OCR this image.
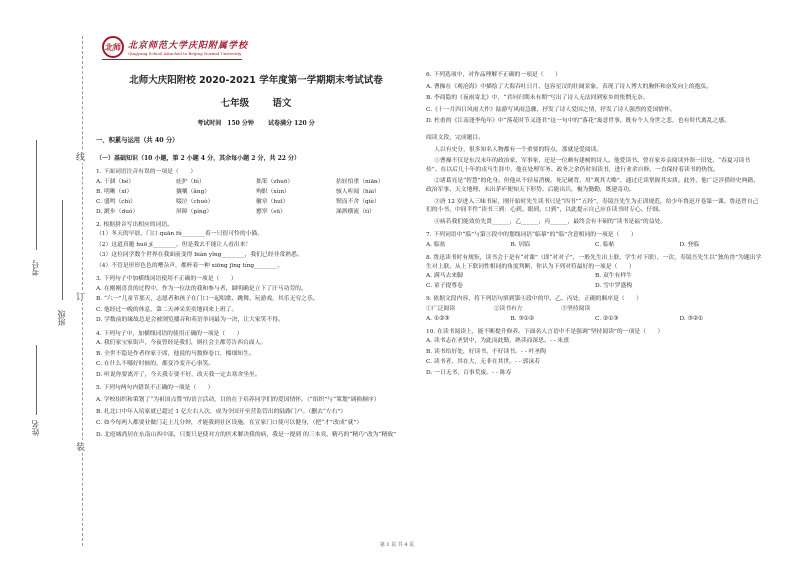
线
订
装
考号
班级
姓名
北师 北京师范大学庆阳附属学校
Qingyang School Attached to Beijing Normal University
北师大庆阳附校 2020-2021 学年度第一学期期末考试试卷
七年级 语文
考试时间　150 分钟 试卷满分 120 分
一、积累与运用（共 40 分）
（一）基础知识（10 小题，第 2 小题 4 分，其余每小题 2 分，共 22 分）
1. 下面词语注音有误的一项是（　　）
A. 干涸（hé）	庇护（bì）	拙笨（zhuō）	拈轻怕重（niān）
B. 明晰（xī）	攘嚷（ǎng）	殉职（xùn）	骇人听闻（hài）
C. 盛鸣（chì）	啜泣（chuò）	徽章（huī）	锲而不舍（qiè）
D. 踱步（duó）	屏障（píng）	窸窣（sū）	涕泗横流（tì）
2. 根据拼音写出相应的词语。
（1）冬天的早晨，门口 quān fú________着一只很可怜的小猫。
（2）这道真题 huō jǐ________，但是我去不能让人看出来！
（3）这位同学数个世界在我面前变得 biàn yǐng________，我们已经非常熟悉。
（4）不管是形形色色的嘈杂声，都杯着一种 xiōng jīng tíng________。
3. 下列句子中加横线词语使用不正确的一项是（　　）
A. 在刚刚喜喜的过程中，作为一位法的我和参与者，圆明确是立下了汗马功劳的。
B. “六一”儿童节那天，志愿者和孩子在门口一起唱歌、跳舞、玩游戏，其乐无穷之乐。
C. 他经过一晚的休息，第二天神采奕奕地回来上班了。
D. 学数前的缘故总是会被浏览播音和英语举词最为一决，让大家笑不得。
4. 下列句子中，加横线词语的使用正确的一项是（　　）
A. 我们家宝家街声，今夜曾经是我们，则社会主都劳告西台面人。
B. 全世不隐是作者你家于席，他说的马数修卷口，榴细知生。
C. 在什么不哪好时候的，都变冷变开心事笑。
D. 听说你要离开了，今天我专要不好，改天我一定去寒舍坐坐。
5. 下列句两句内错误不正确的一项是（　　）
A. 学校组织和策划了“为祖国点赞”的语言活动，目的在于培养同学们的爱国情怀。（“组织”与“策划”调换顺序）
B. 扎北口中年入培家就已超过 1 亿左右人次，成为全国开至营监管出的陆路门户。（删去“左右”）
C. 如今每两人都要业做门走上儿分钟，才能我到社区设施，在宣家门口使可以健身，（把“才”改成“就”）
D. 北庭城尚居在东南山西中部，只要只是使对方的医术解决我的病，我是一提到 的三本宾，精巧的“精巧”改为“精致”
6. 下列选项中，对作品理解不正确的一项是（　　）
A. 曹操在《观沧海》中描绘了大海吞吐日月、包容星汉的壮阔景象，表现了诗人博大的胸怀和奋发向上的抱负。
B. 李商隐的《夜雨寄北》中，“君问归期未有期”写出了诗人无法回到家乡的怅惘无奈。
C.《十一月四日风雨大作》陆游写风雨急骤，抒发了诗人爱国之情，抒发了诗人强烈的爱国情怀。
D. 杜甫的《江南逢李龟年》中“落花时节又逢君”这一句中的“落花”寓意世事，既有个人身世之悲，也有时代离乱之感。
阅读文段，完成题目。
人以有史分，很多知名人物都有一个重要的特点，那就是爱阅读。
①曹操不仅是东汉末年的政治家、军事家，还是一位颇有建树的诗人。他爱读书，曾在家乡亲阅读外领一旧处，“春夏习读书传”。在以后几十年的戎马生涯中，他在处理军务、政务之余仍时间读书，进行业余自修，一直保持着读书的热忱。
②诸葛亮是“智慧”的化身。但他从不轻易消极，死记硬背，用“观其大略”，通过迁读掌握其实质。此外，他广泛涉猎经史典籍、政治军事、天文地理、未出茅庐便知天下形势。后能出兵，极为勤勤，既建奇功。
③唐 12 岁进入三味书屋，刚开始时先生读书只是“四书”“五经”，寿镜吾先生为正训规范，给少年鲁迅开卷第一课。鲁迅曾自己们的小书，中间半件“读书三到：心到、眼到、口到”，以此提示自己应在读书时专心、仔细。
④病若我们能效仿先贤______，乙______，丙______，最终会有丰硕的“读书是福”的益处。
7. 下列词语中“临”与第③段中的划线词语“临摹”的“临”含意相同的一项是（　　）
A. 临盆	B. 居临	C. 临帖	D. 登临
8. 鲁迅读书时有规矩，读书会于是有“对课”（即“对对子”，一般先生出上联，学生对下联），一次，寿镜吾先生以“独角兽”为题出学生对上联。从上下联词性相同的角度判断，你认为下列对符最好的一项是（　　）
A. 满马去来脚	B. 双牛有样牛
C. 童子提尊卷	D. 雪中罗盛梅
9. 依据文段内容，将下列语句填到第④段中的甲、乙、丙处，正确的顺序是（　　）
①广泛阅读	②读书有方	③坚持阅读
A. ①②③	B. ③①②	C. ②①③	D. ③②①
10. 在读书阅读上，能不断提升修养。下面名人言语中不是强调“坚持阅读”的一项是（　　）
A. 读书志在圣贤中，为此而此勤，熟读而深思。- - 朱熹
B. 读书给好处，好读书，不好读书。- - 叶圣陶
C. 读书者，其在大，无非在其世。- - 郭沫若
D. 一日无书，百事荒废。- - 陈寿
第 1 页 共 4 页
